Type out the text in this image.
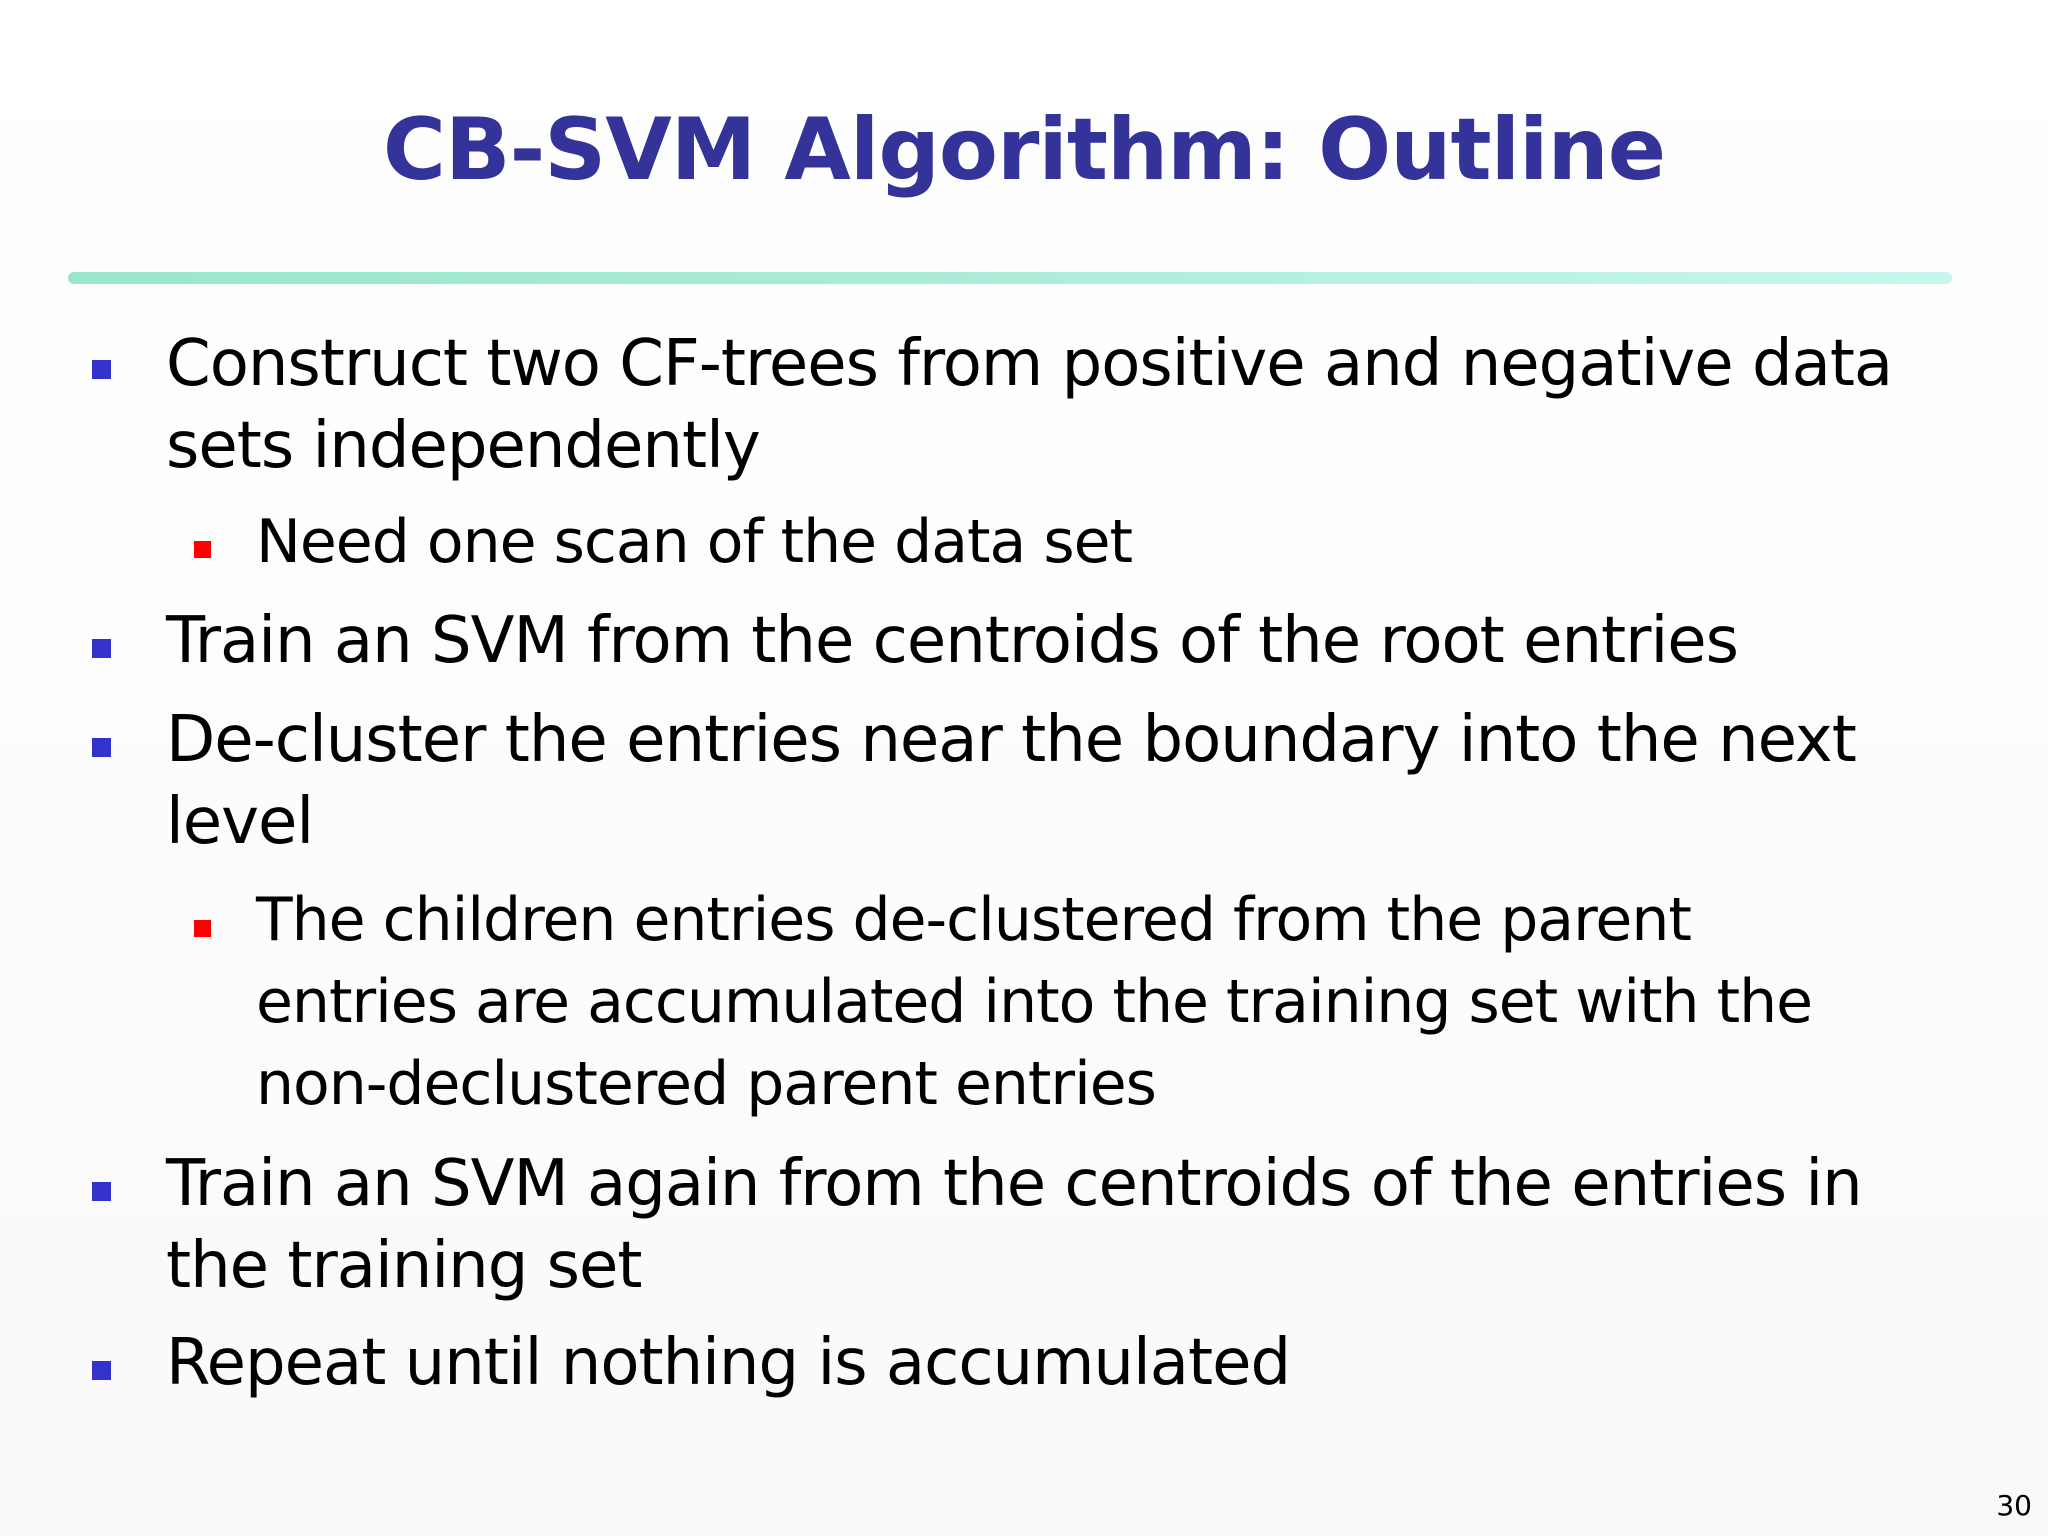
CB-SVM Algorithm: Outline
Construct two CF-trees from positive and negative data
sets independently
Need one scan of the data set
Train an SVM from the centroids of the root entries
De-cluster the entries near the boundary into the next
level
The children entries de-clustered from the parent
entries are accumulated into the training set with the
non-declustered parent entries
Train an SVM again from the centroids of the entries in
the training set
Repeat until nothing is accumulated
30
